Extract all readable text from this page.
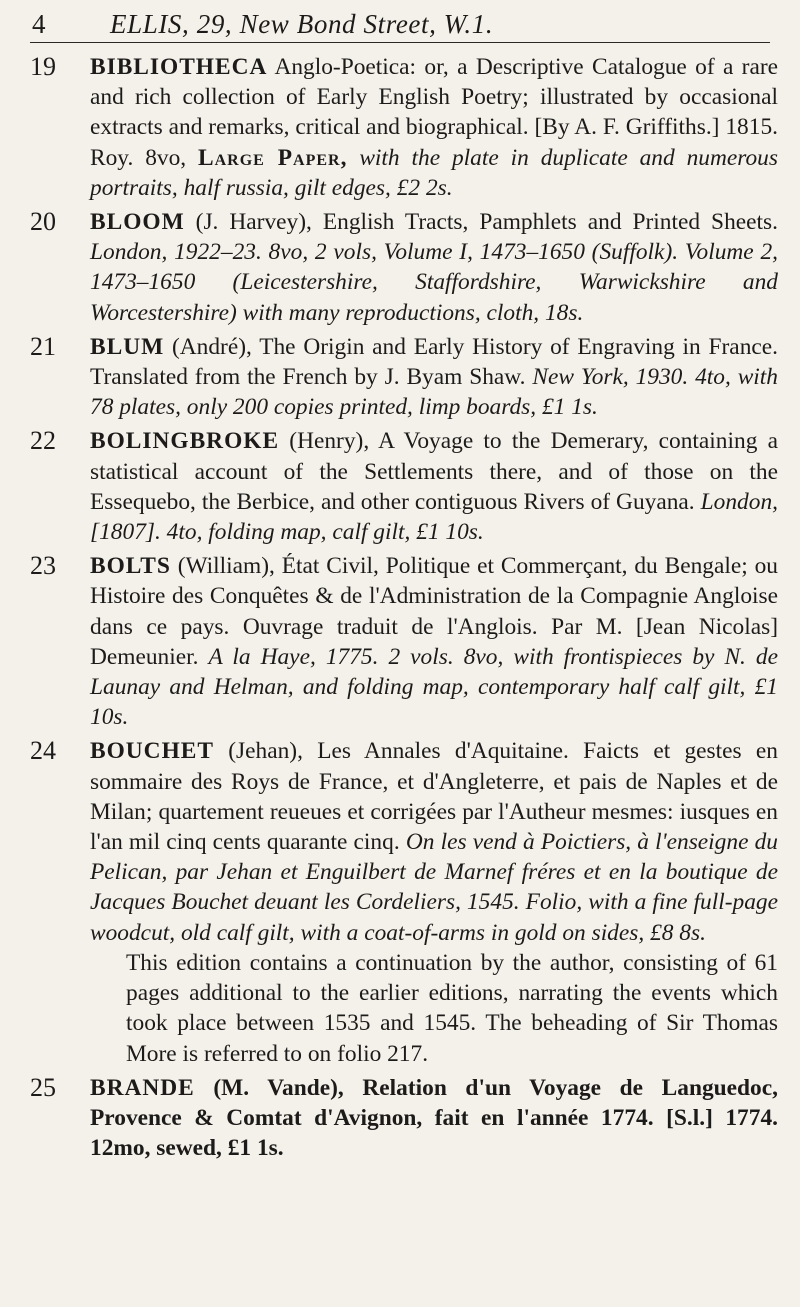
4 ELLIS, 29, New Bond Street, W.1.
19 BIBLIOTHECA Anglo-Poetica: or, a Descriptive Catalogue of a rare and rich collection of Early English Poetry; illustrated by occasional extracts and remarks, critical and biographical. [By A. F. Griffiths.] 1815. Roy. 8vo, Large Paper, with the plate in duplicate and numerous portraits, half russia, gilt edges, £2 2s.
20 BLOOM (J. Harvey), English Tracts, Pamphlets and Printed Sheets. London, 1922–23. 8vo, 2 vols, Volume I, 1473–1650 (Suffolk). Volume 2, 1473–1650 (Leicestershire, Staffordshire, Warwickshire and Worcestershire) with many reproductions, cloth, 18s.
21 BLUM (André), The Origin and Early History of Engraving in France. Translated from the French by J. Byam Shaw. New York, 1930. 4to, with 78 plates, only 200 copies printed, limp boards, £1 1s.
22 BOLINGBROKE (Henry), A Voyage to the Demerary, containing a statistical account of the Settlements there, and of those on the Essequebo, the Berbice, and other contiguous Rivers of Guyana. London, [1807]. 4to, folding map, calf gilt, £1 10s.
23 BOLTS (William), État Civil, Politique et Commerçant, du Bengale; ou Histoire des Conquêtes & de l'Administration de la Compagnie Angloise dans ce pays. Ouvrage traduit de l'Anglois. Par M. [Jean Nicolas] Demeunier. A la Haye, 1775. 2 vols. 8vo, with frontispieces by N. de Launay and Helman, and folding map, contemporary half calf gilt, £1 10s.
24 BOUCHET (Jehan), Les Annales d'Aquitaine. Faicts et gestes en sommaire des Roys de France, et d'Angleterre, et pais de Naples et de Milan; quartement reueues et corrigées par l'Autheur mesmes: iusques en l'an mil cinq cents quarante cinq. On les vend à Poictiers, à l'enseigne du Pelican, par Jehan et Enguilbert de Marnef fréres et en la boutique de Jacques Bouchet deuant les Cordeliers, 1545. Folio, with a fine full-page woodcut, old calf gilt, with a coat-of-arms in gold on sides, £8 8s.
This edition contains a continuation by the author, consisting of 61 pages additional to the earlier editions, narrating the events which took place between 1535 and 1545. The beheading of Sir Thomas More is referred to on folio 217.
25 BRANDE (M. Vande), Relation d'un Voyage de Languedoc, Provence & Comtat d'Avignon, fait en l'année 1774. [S.l.] 1774. 12mo, sewed, £1 1s.
